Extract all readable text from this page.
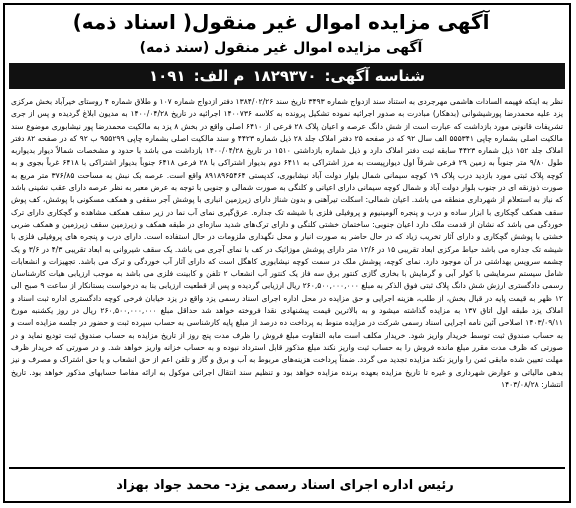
آگهی مزایده اموال غیر منقول( اسناد ذمه)
آگهی مزایده اموال غیر منقول (سند ذمه)
شناسه آگهی:
۱۸۲۹۳۷۰
م الف:
۱۰۹۱
نظر به اینکه فهیمه السادات هاشمی مهرجردی به استناد سند ازدواج شماره ۳۴۹۳ تاریخ سند ۱۳۸۴/۰۲/۲۶ دفتر ازدواج شماره ۱۰۷ و طلاق شماره ۴ روستای خیرآباد بخش مرکزی یزد علیه محمدرضا پورشیشوانی (بدهکار) مبادرت به صدور اجرائیه نموده تشکیل پرونده به کلاسه ۱۴۰۰۷۳۶ اجرائیه در تاریخ ۱۴۰۰/۰۴/۲۸ به مدیون ابلاغ گردیده و پس از جری تشریفات قانونی مورد بازداشت که عبارت است از شش دانگ عرصه و اعیان پلاک ۲۸ فرعی از ۶۴۱۰ اصلی واقع در بخش ۸ یزد به مالکیت محمدرضا پور نیشابوری موضوع سند مالکیت اصلی بشماره چاپی ۵۵۵۳۴۱ الف سال ۹۲ که در صفحه ۲۵ دفتر املاک جلد ۲۸ ذیل شماره ۴۴۲۳ و سند مالکیت اصلی بشماره چاپی ۹۵۵۲۹۹ ب ۹۲ که در صفحه ۸۲ دفتر املاک جلد ۱۵۲ ذیل شماره ۴۴۲۳ سابقه ثبت دفتر املاک دارد و ذیل شماره بازداشتی ۱۵۱۰ در تاریخ ۱۴۰۰/۰۴/۲۸ بازداشت می باشد با حدود و مشخصات شمالاً دیوار بدیواربه طول ۹/۸۰ متر جنوباً به زمین ۲۹ فرعی شرقاً اول دیوارپیست به مرز اشتراکی به ۶۴۱۱ دوم بدیوار اشتراکی با ۲۸ فرعی ۶۴۱۸ جنوباً بدیوار اشتراکی با ۶۴۱۸ غرباً بجوی و به کوچه پلاک ثبتی مورد بازدید درب پلاک ۱۹ کوچه سیمانی شمال بلوار دولت آباد نیشابوری، کدپستی ۸۹۱۸۹۶۵۴۶۴ واقع است. عرصه بک نبش به مساحت ۳۷۶/۸۵ متر مربع به صورت ذوزنقه ای در جنوب بلوار دولت آباد و شمال کوچه سیمانی دارای اعیانی و کلنگی به صورت شمالی و جنوبی با توجه به عرض معبر به نظر عرصه دارای عقب نشینی باشد که نیاز به استعلام از شهرداری منطقه می باشد. اعیان شمالی: اسکلت تیرآهنی و بدون شناژ دارای زیرزمین انباری با پوشش آجر سقفی و همکف مسکونی با پوشش، کف پوش سقف همکف گچکاری با ابزار ساده و درب و پنجره آلومینیوم و پروفیلی فلزی با شیشه تک جداره. عرق‌گیری نمای آب نما در زیر سقف همکف مشاهده و گچکاری دارای ترک خوردگی می باشد که نشان از قدمت ملک دارد اعیان جنوبی: ساختمان خشتی کلنگی و دارای ترک‌های شدید سازه‌ای در طبقه همکف و زیرزمین سقف زیرزمین و همکف ضربی خشتی با پوشش گچکاری و دارای آثار تخریب زیاد که در حال حاضر به صورت انبار و محل نگهداری ملزومات در حال استفاده است. دارای درب و پنجره های پروفیلی فلزی با شیشه تک جداره می باشد حیاط مرکزی ابعاد تقریبی ۱۵ در ۱۲/۶ متر دارای پوشش موزائیک در کف با نمای آجری می باشد. یک سقف شیروانی به ابعاد تقریبی ۴/۳ در ۳/۶ و یک چشمه سرویس بهداشتی در آن موجود دارد. نمای کوچه، پوشش ملک در سمت کوچه نیشابوری کاهگل است که دارای آثار آب خوردگی و ترک می باشد. تجهیزات و انشعابات شامل سیستم سرمایشی با کولر آبی و گرمایش با بخاری گازی کنتور برق سه فاز یک کنتور آب انشعاب ۲ تلفن و کابینت فلزی می باشد به موجب ارزیابی هیات کارشناسان رسمی دادگستری ارزش شش دانگ پلاک ثبتی فوق الذکر به مبلغ ۲۶۰,۵۰۰,۰۰۰,۰۰۰ ریال ارزیابی گردیده و پس از قطعیت ارزیابی بنا به درخواست بستانکار از ساعت ۹ صبح الی ۱۲ ظهر به قیمت پایه در قبال بخش، از طلب، هزینه اجرایی و حق مزایده در محل اداره اجرای اسناد رسمی یزد واقع در یزد خیابان فرخی کوچه دادگستری اداره ثبت اسناد و املاک یزد طبقه اول اتاق ۱۳۷ به مزایده گذاشته میشود و به بالاترین قیمت پیشنهادی نقدا فروخته خواهد شد حداقل مبلغ ۲۶۰,۵۰۰,۰۰۰,۰۰۰ ریال در روز یکشنبه مورخ ۱۴۰۳/۰۹/۱۱ اصلاحی آئین نامه اجرایی اسناد رسمی شرکت در مزایده منوط به پرداخت ده درصد از مبلغ پایه کارشناسی به حساب سپرده ثبت و حضور در جلسه مزایده است و به حساب صندوق ثبت توسط خریدار واریز شود. خریدار مکلف است مابه التفاوت مبلغ فروش را ظرف مدت پنج روز از تاریخ مزایده به حساب صندوق ثبت تودیع نماید و در صورتی که ظرف مدت مقرر مبلغ مانده فروش را به حساب ثبت واریز نکند مبلغ مذکور قابل استرداد نبوده و به حساب خزانه واریز خواهد شد. و در صورتی که خریدار ظرف مهلت تعیین شده مابقی ثمن را واریز نکند مزایده تجدید می گردد. ضمناً پرداخت هزینه‌های مربوط به آب و برق و گاز و تلفن اعم از حق انشعاب و یا حق اشتراک و مصرف و نیز بدهی مالیاتی و عوارض شهرداری و غیره تا تاریخ مزایده بعهده برنده مزایده خواهد بود و تنظیم سند انتقال اجرائی موکول به ارائه مفاصا حسابهای مذکور خواهد بود. تاریخ انتشار: ۱۴۰۳/۰۸/۲۸
رئیس اداره اجرای اسناد رسمی یزد- محمد جواد بهزاد
